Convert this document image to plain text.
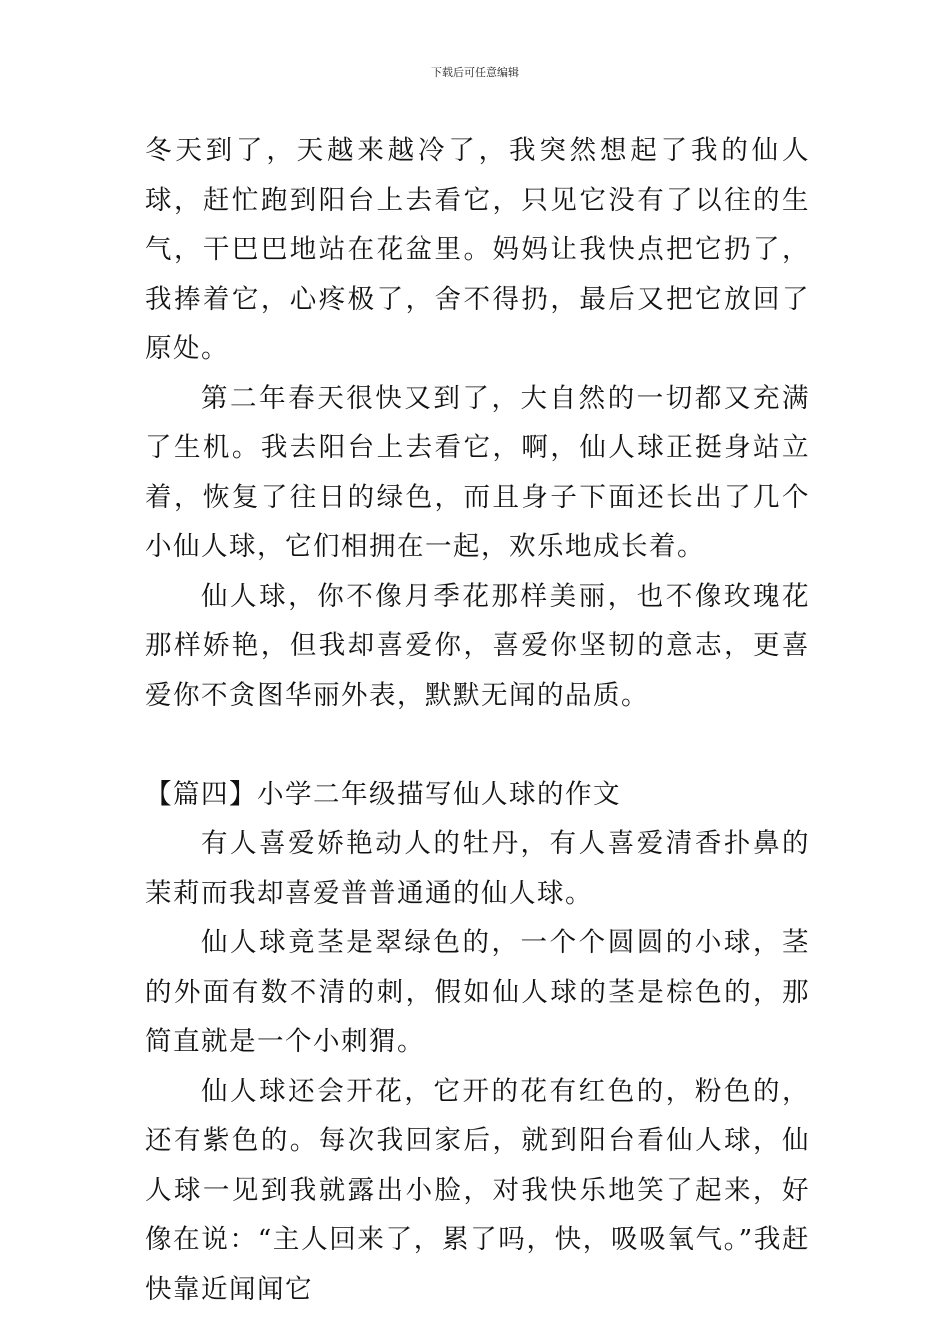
下载后可任意编辑

冬天到了，天越来越冷了，我突然想起了我的仙人球，赶忙跑到阳台上去看它，只见它没有了以往的生气，干巴巴地站在花盆里。妈妈让我快点把它扔了，我捧着它，心疼极了，舍不得扔，最后又把它放回了原处。

第二年春天很快又到了，大自然的一切都又充满了生机。我去阳台上去看它，啊，仙人球正挺身站立着，恢复了往日的绿色，而且身子下面还长出了几个小仙人球，它们相拥在一起，欢乐地成长着。

仙人球，你不像月季花那样美丽，也不像玫瑰花那样娇艳，但我却喜爱你，喜爱你坚韧的意志，更喜爱你不贪图华丽外表，默默无闻的品质。

【篇四】小学二年级描写仙人球的作文

有人喜爱娇艳动人的牡丹，有人喜爱清香扑鼻的茉莉而我却喜爱普普通通的仙人球。

仙人球竟茎是翠绿色的，一个个圆圆的小球，茎的外面有数不清的刺，假如仙人球的茎是棕色的，那简直就是一个小刺猬。

仙人球还会开花，它开的花有红色的，粉色的，还有紫色的。每次我回家后，就到阳台看仙人球，仙人球一见到我就露出小脸，对我快乐地笑了起来，好像在说：“主人回来了，累了吗，快，吸吸氧气。”我赶快靠近闻闻它
